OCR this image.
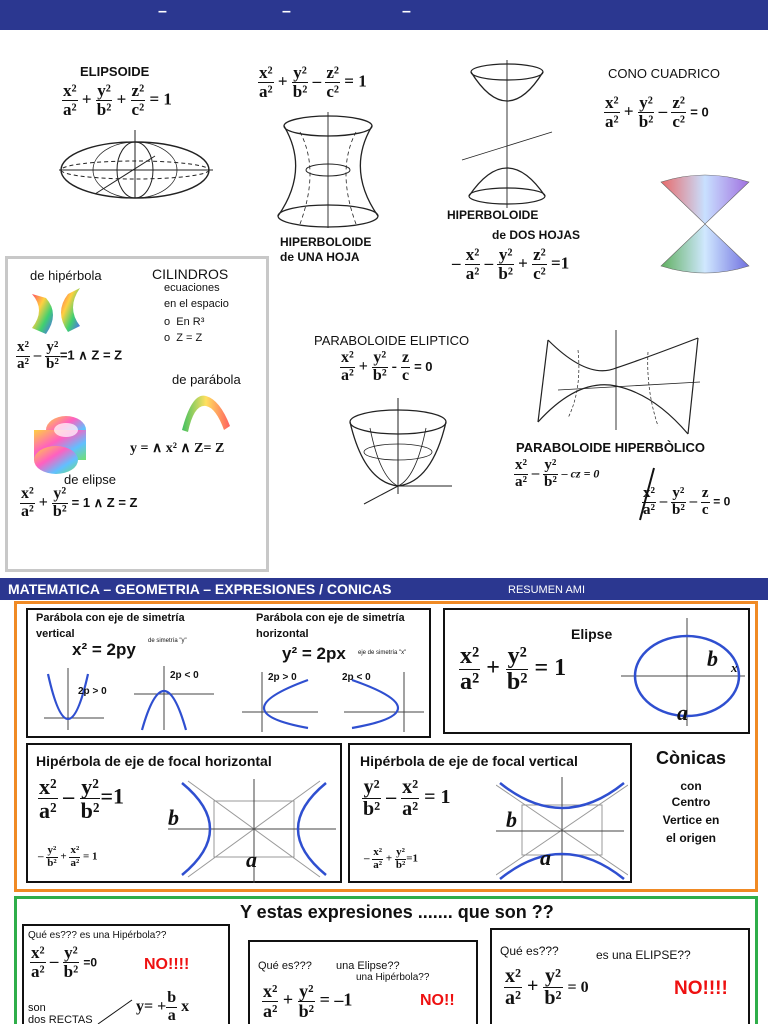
–	–	–
ELIPSOIDE
$\frac{\text{x²}}{\text{a²}} + \frac{\text{y²}}{\text{b²}} + \frac{\text{z²}}{\text{c²}} = 1$	$\frac{\text{x²}}{\text{a²}} + \frac{\text{y²}}{\text{b²}} - \frac{\text{z²}}{\text{c²}} = 1$
HIPERBOLOIDE
de UNA HOJA
HIPERBOLOIDE
de DOS HOJAS
– $\frac{\text{x²}}{\text{a²}} - \frac{\text{y²}}{\text{b²}} + \frac{\text{z²}}{\text{c²}} =1$
CONO CUADRICO
$\frac{\text{x²}}{\text{a²}} + \frac{\text{y²}}{\text{b²}} - \frac{\text{z²}}{\text{c²}} = 0$
de hipérbola	CILINDROS
ecuaciones
en el espacio
o  En R³
o  Z = Z
$\frac{\text{x²}}{\text{a²}} - \frac{\text{y²}}{\text{b²}} =1$ ∧ Z = Z
de parábola
y = ∧ x² ∧ Z= Z
de elipse
$\frac{\text{x²}}{\text{a²}} + \frac{\text{y²}}{\text{b²}} = 1$ ∧ Z = Z
PARABOLOIDE ELIPTICO
$\frac{\text{x²}}{\text{a²}} + \frac{\text{y²}}{\text{b²}} - \frac{z}{c} = 0$
PARABOLOIDE HIPERBÒLICO
$\frac{\text{x²}}{\text{a²}} - \frac{\text{y²}}{\text{b²}}$ – cz = 0
$\frac{\text{x²}}{\text{a²}} - \frac{\text{y²}}{\text{b²}} - \frac{z}{c} = 0$
MATEMATICA – GEOMETRIA – EXPRESIONES / CONICAS	RESUMEN AMI
Parábola con eje de simetría
vertical
x² = 2py de simetría "y"
2p > 0
2p < 0
Parábola con eje de simetría
horizontal
y² = 2px eje de simetría "x"
2p > 0	2p < 0
Elipse
$\frac{\text{x²}}{\text{a²}} + \frac{\text{y²}}{\text{b²}} = 1$	x
b
a
Hipérbola de eje de focal horizontal
$\frac{\text{x²}}{\text{a²}} - \frac{\text{y²}}{\text{b²}} =1$
– $\frac{\text{y²}}{\text{b²}} + \frac{\text{x²}}{\text{a²}} = 1$
b
a
Hipérbola de eje de focal vertical
$\frac{\text{y²}}{\text{b²}} - \frac{\text{x²}}{\text{a²}} = 1$
– $\frac{\text{x²}}{\text{a²}} + \frac{\text{y²}}{\text{b²}} =1$
b
a
Cònicas
con
Centro
Vertice en
el origen
Y estas expresiones ....... que son ??
Qué es??? es una Hipérbola??
$\frac{\text{x²}}{\text{a²}} - \frac{\text{y²}}{\text{b²}} =0$	NO!!!!
son
dos RECTAS
$y= + \frac{b}{a}$ x
Qué es??? una Elipse??
una Hipérbola??
$\frac{\text{x²}}{\text{a²}} + \frac{\text{y²}}{\text{b²}} = -1$	NO!!
Qué es???	es una ELIPSE??
$\frac{\text{x²}}{\text{a²}} + \frac{\text{y²}}{\text{b²}} = 0$	NO!!!!
